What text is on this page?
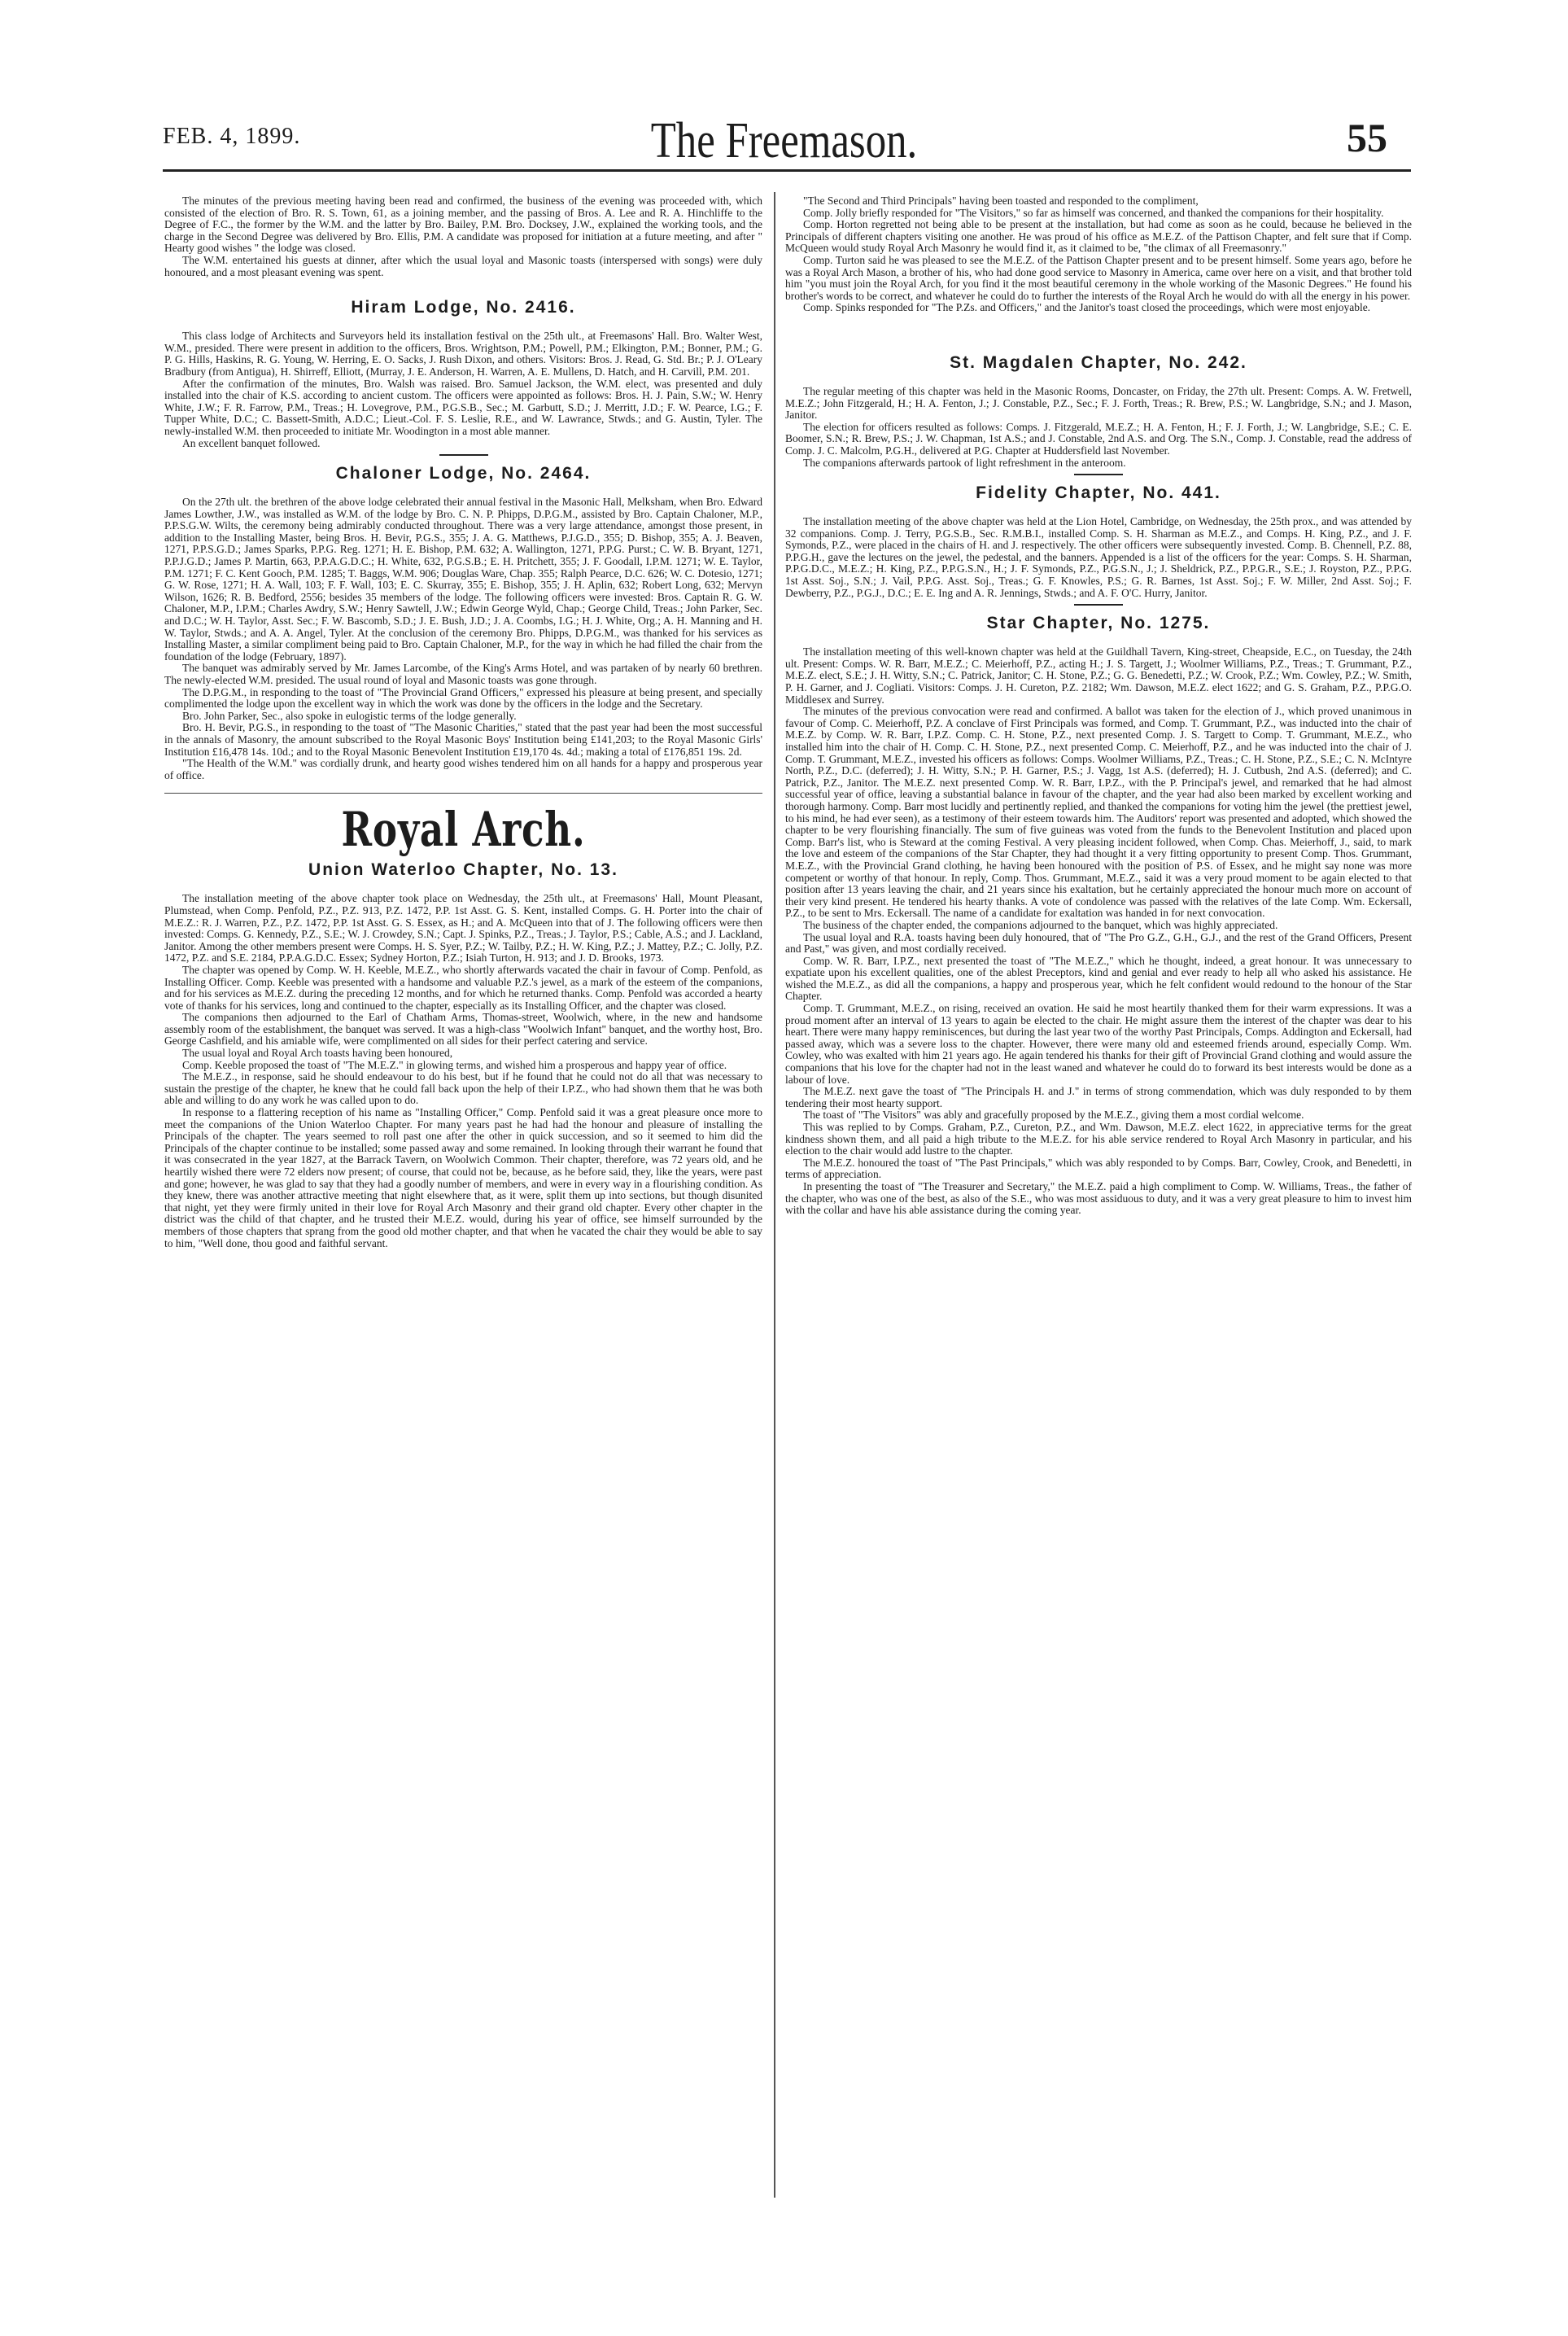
FEB. 4, 1899.	The Freemason.	55

The minutes of the previous meeting having been read and confirmed, the business of the evening was proceeded with, which consisted of the election of Bro. R. S. Town, 61, as a joining member, and the passing of Bros. A. Lee and R. A. Hinchliffe to the Degree of F.C., the former by the W.M. and the latter by Bro. Bailey, P.M. Bro. Docksey, J.W., explained the working tools, and the charge in the Second Degree was delivered by Bro. Ellis, P.M. A candidate was proposed for initiation at a future meeting, and after " Hearty good wishes " the lodge was closed.

The W.M. entertained his guests at dinner, after which the usual loyal and Masonic toasts (interspersed with songs) were duly honoured, and a most pleasant evening was spent.

Hiram Lodge, No. 2416.

This class lodge of Architects and Surveyors held its installation festival on the 25th ult., at Freemasons' Hall. Bro. Walter West, W.M., presided. There were present in addition to the officers, Bros. Wrightson, P.M.; Powell, P.M.; Elkington, P.M.; Bonner, P.M.; G. P. G. Hills, Haskins, R. G. Young, W. Herring, E. O. Sacks, J. Rush Dixon, and others. Visitors: Bros. J. Read, G. Std. Br.; P. J. O'Leary Bradbury (from Antigua), H. Shirreff, Elliott, (Murray, J. E. Anderson, H. Warren, A. E. Mullens, D. Hatch, and H. Carvill, P.M. 201.

After the confirmation of the minutes, Bro. Walsh was raised. Bro. Samuel Jackson, the W.M. elect, was presented and duly installed into the chair of K.S. according to ancient custom. The officers were appointed as follows: Bros. H. J. Pain, S.W.; W. Henry White, J.W.; F. R. Farrow, P.M., Treas.; H. Lovegrove, P.M., P.G.S.B., Sec.; M. Garbutt, S.D.; J. Merritt, J.D.; F. W. Pearce, I.G.; F. Tupper White, D.C.; C. Bassett-Smith, A.D.C.; Lieut.-Col. F. S. Leslie, R.E., and W. Lawrance, Stwds.; and G. Austin, Tyler. The newly-installed W.M. then proceeded to initiate Mr. Woodington in a most able manner.

An excellent banquet followed.

Chaloner Lodge, No. 2464.

On the 27th ult. the brethren of the above lodge celebrated their annual festival in the Masonic Hall, Melksham, when Bro. Edward James Lowther, J.W., was installed as W.M. of the lodge by Bro. C. N. P. Phipps, D.P.G.M., assisted by Bro. Captain Chaloner, M.P., P.P.S.G.W. Wilts, the ceremony being admirably conducted throughout. There was a very large attendance, amongst those present, in addition to the Installing Master, being Bros. H. Bevir, P.G.S., 355; J. A. G. Matthews, P.J.G.D., 355; D. Bishop, 355; A. J. Beaven, 1271, P.P.S.G.D.; James Sparks, P.P.G. Reg. 1271; H. E. Bishop, P.M. 632; A. Wallington, 1271, P.P.G. Purst.; C. W. B. Bryant, 1271, P.P.J.G.D.; James P. Martin, 663, P.P.A.G.D.C.; H. White, 632, P.G.S.B.; E. H. Pritchett, 355; J. F. Goodall, I.P.M. 1271; W. E. Taylor, P.M. 1271; F. C. Kent Gooch, P.M. 1285; T. Baggs, W.M. 906; Douglas Ware, Chap. 355; Ralph Pearce, D.C. 626; W. C. Dotesio, 1271; G. W. Rose, 1271; H. A. Wall, 103; F. F. Wall, 103; E. C. Skurray, 355; E. Bishop, 355; J. H. Aplin, 632; Robert Long, 632; Mervyn Wilson, 1626; R. B. Bedford, 2556; besides 35 members of the lodge. The following officers were invested: Bros. Captain R. G. W. Chaloner, M.P., I.P.M.; Charles Awdry, S.W.; Henry Sawtell, J.W.; Edwin George Wyld, Chap.; George Child, Treas.; John Parker, Sec. and D.C.; W. H. Taylor, Asst. Sec.; F. W. Bascomb, S.D.; J. E. Bush, J.D.; J. A. Coombs, I.G.; H. J. White, Org.; A. H. Manning and H. W. Taylor, Stwds.; and A. A. Angel, Tyler. At the conclusion of the ceremony Bro. Phipps, D.P.G.M., was thanked for his services as Installing Master, a similar compliment being paid to Bro. Captain Chaloner, M.P., for the way in which he had filled the chair from the foundation of the lodge (February, 1897).

The banquet was admirably served by Mr. James Larcombe, of the King's Arms Hotel, and was partaken of by nearly 60 brethren. The newly-elected W.M. presided. The usual round of loyal and Masonic toasts was gone through.

The D.P.G.M., in responding to the toast of "The Provincial Grand Officers," expressed his pleasure at being present, and specially complimented the lodge upon the excellent way in which the work was done by the officers in the lodge and the Secretary.

Bro. John Parker, Sec., also spoke in eulogistic terms of the lodge generally.

Bro. H. Bevir, P.G.S., in responding to the toast of "The Masonic Charities," stated that the past year had been the most successful in the annals of Masonry, the amount subscribed to the Royal Masonic Boys' Institution being £141,203; to the Royal Masonic Girls' Institution £16,478 14s. 10d.; and to the Royal Masonic Benevolent Institution £19,170 4s. 4d.; making a total of £176,851 19s. 2d.

"The Health of the W.M." was cordially drunk, and hearty good wishes tendered him on all hands for a happy and prosperous year of office.

Royal Arch.
Union Waterloo Chapter, No. 13.

The installation meeting of the above chapter took place on Wednesday, the 25th ult., at Freemasons' Hall, Mount Pleasant, Plumstead, when Comp. Penfold, P.Z., P.Z. 913, P.Z. 1472, P.P. 1st Asst. G. S. Kent, installed Comps. G. H. Porter into the chair of M.E.Z.: R. J. Warren, P.Z., P.Z. 1472, P.P. 1st Asst. G. S. Essex, as H.; and A. McQueen into that of J. The following officers were then invested: Comps. G. Kennedy, P.Z., S.E.; W. J. Crowdey, S.N.; Capt. J. Spinks, P.Z., Treas.; J. Taylor, P.S.; Cable, A.S.; and J. Lackland, Janitor. Among the other members present were Comps. H. S. Syer, P.Z.; W. Tailby, P.Z.; H. W. King, P.Z.; J. Mattey, P.Z.; C. Jolly, P.Z. 1472, P.Z. and S.E. 2184, P.P.A.G.D.C. Essex; Sydney Horton, P.Z.; Isiah Turton, H. 913; and J. D. Brooks, 1973.

The chapter was opened by Comp. W. H. Keeble, M.E.Z., who shortly afterwards vacated the chair in favour of Comp. Penfold, as Installing Officer. Comp. Keeble was presented with a handsome and valuable P.Z.'s jewel, as a mark of the esteem of the companions, and for his services as M.E.Z. during the preceding 12 months, and for which he returned thanks. Comp. Penfold was accorded a hearty vote of thanks for his services, long and continued to the chapter, especially as its Installing Officer, and the chapter was closed.

The companions then adjourned to the Earl of Chatham Arms, Thomas-street, Woolwich, where, in the new and handsome assembly room of the establishment, the banquet was served. It was a high-class "Woolwich Infant" banquet, and the worthy host, Bro. George Cashfield, and his amiable wife, were complimented on all sides for their perfect catering and service.

The usual loyal and Royal Arch toasts having been honoured,

Comp. Keeble proposed the toast of "The M.E.Z." in glowing terms, and wished him a prosperous and happy year of office.

The M.E.Z., in response, said he should endeavour to do his best, but if he found that he could not do all that was necessary to sustain the prestige of the chapter, he knew that he could fall back upon the help of their I.P.Z., who had shown them that he was both able and willing to do any work he was called upon to do.

In response to a flattering reception of his name as "Installing Officer," Comp. Penfold said it was a great pleasure once more to meet the companions of the Union Waterloo Chapter. For many years past he had had the honour and pleasure of installing the Principals of the chapter. The years seemed to roll past one after the other in quick succession, and so it seemed to him did the Principals of the chapter continue to be installed; some passed away and some remained. In looking through their warrant he found that it was consecrated in the year 1827, at the Barrack Tavern, on Woolwich Common. Their chapter, therefore, was 72 years old, and he heartily wished there were 72 elders now present; of course, that could not be, because, as he before said, they, like the years, were past and gone; however, he was glad to say that they had a goodly number of members, and were in every way in a flourishing condition. As they knew, there was another attractive meeting that night elsewhere that, as it were, split them up into sections, but though disunited that night, yet they were firmly united in their love for Royal Arch Masonry and their grand old chapter. Every other chapter in the district was the child of that chapter, and he trusted their M.E.Z. would, during his year of office, see himself surrounded by the members of those chapters that sprang from the good old mother chapter, and that when he vacated the chair they would be able to say to him, "Well done, thou good and faithful servant.

"The Second and Third Principals" having been toasted and responded to the compliment,

Comp. Jolly briefly responded for "The Visitors," so far as himself was concerned, and thanked the companions for their hospitality.

Comp. Horton regretted not being able to be present at the installation, but had come as soon as he could, because he believed in the Principals of different chapters visiting one another. He was proud of his office as M.E.Z. of the Pattison Chapter, and felt sure that if Comp. McQueen would study Royal Arch Masonry he would find it, as it claimed to be, "the climax of all Freemasonry."

Comp. Turton said he was pleased to see the M.E.Z. of the Pattison Chapter present and to be present himself. Some years ago, before he was a Royal Arch Mason, a brother of his, who had done good service to Masonry in America, came over here on a visit, and that brother told him "you must join the Royal Arch, for you find it the most beautiful ceremony in the whole working of the Masonic Degrees." He found his brother's words to be correct, and whatever he could do to further the interests of the Royal Arch he would do with all the energy in his power.

Comp. Spinks responded for "The P.Zs. and Officers," and the Janitor's toast closed the proceedings, which were most enjoyable.

St. Magdalen Chapter, No. 242.

The regular meeting of this chapter was held in the Masonic Rooms, Doncaster, on Friday, the 27th ult. Present: Comps. A. W. Fretwell, M.E.Z.; John Fitzgerald, H.; H. A. Fenton, J.; J. Constable, P.Z., Sec.; F. J. Forth, Treas.; R. Brew, P.S.; W. Langbridge, S.N.; and J. Mason, Janitor.

The election for officers resulted as follows: Comps. J. Fitzgerald, M.E.Z.; H. A. Fenton, H.; F. J. Forth, J.; W. Langbridge, S.E.; C. E. Boomer, S.N.; R. Brew, P.S.; J. W. Chapman, 1st A.S.; and J. Constable, 2nd A.S. and Org. The S.N., Comp. J. Constable, read the address of Comp. J. C. Malcolm, P.G.H., delivered at P.G. Chapter at Huddersfield last November.

The companions afterwards partook of light refreshment in the anteroom.

Fidelity Chapter, No. 441.

The installation meeting of the above chapter was held at the Lion Hotel, Cambridge, on Wednesday, the 25th prox., and was attended by 32 companions. Comp. J. Terry, P.G.S.B., Sec. R.M.B.I., installed Comp. S. H. Sharman as M.E.Z., and Comps. H. King, P.Z., and J. F. Symonds, P.Z., were placed in the chairs of H. and J. respectively. The other officers were subsequently invested. Comp. B. Chennell, P.Z. 88, P.P.G.H., gave the lectures on the jewel, the pedestal, and the banners. Appended is a list of the officers for the year: Comps. S. H. Sharman, P.P.G.D.C., M.E.Z.; H. King, P.Z., P.P.G.S.N., H.; J. F. Symonds, P.Z., P.G.S.N., J.; J. Sheldrick, P.Z., P.P.G.R., S.E.; J. Royston, P.Z., P.P.G. 1st Asst. Soj., S.N.; J. Vail, P.P.G. Asst. Soj., Treas.; G. F. Knowles, P.S.; G. R. Barnes, 1st Asst. Soj.; F. W. Miller, 2nd Asst. Soj.; F. Dewberry, P.Z., P.G.J., D.C.; E. E. Ing and A. R. Jennings, Stwds.; and A. F. O'C. Hurry, Janitor.

Star Chapter, No. 1275.

The installation meeting of this well-known chapter was held at the Guildhall Tavern, King-street, Cheapside, E.C., on Tuesday, the 24th ult. Present: Comps. W. R. Barr, M.E.Z.; C. Meierhoff, P.Z., acting H.; J. S. Targett, J.; Woolmer Williams, P.Z., Treas.; T. Grummant, P.Z., M.E.Z. elect, S.E.; J. H. Witty, S.N.; C. Patrick, Janitor; C. H. Stone, P.Z.; G. G. Benedetti, P.Z.; W. Crook, P.Z.; Wm. Cowley, P.Z.; W. Smith, P. H. Garner, and J. Cogliati. Visitors: Comps. J. H. Cureton, P.Z. 2182; Wm. Dawson, M.E.Z. elect 1622; and G. S. Graham, P.Z., P.P.G.O. Middlesex and Surrey.

The minutes of the previous convocation were read and confirmed. A ballot was taken for the election of J., which proved unanimous in favour of Comp. C. Meierhoff, P.Z. A conclave of First Principals was formed, and Comp. T. Grummant, P.Z., was inducted into the chair of M.E.Z. by Comp. W. R. Barr, I.P.Z. Comp. C. H. Stone, P.Z., next presented Comp. J. S. Targett to Comp. T. Grummant, M.E.Z., who installed him into the chair of H. Comp. C. H. Stone, P.Z., next presented Comp. C. Meierhoff, P.Z., and he was inducted into the chair of J. Comp. T. Grummant, M.E.Z., invested his officers as follows: Comps. Woolmer Williams, P.Z., Treas.; C. H. Stone, P.Z., S.E.; C. N. McIntyre North, P.Z., D.C. (deferred); J. H. Witty, S.N.; P. H. Garner, P.S.; J. Vagg, 1st A.S. (deferred); H. J. Cutbush, 2nd A.S. (deferred); and C. Patrick, P.Z., Janitor. The M.E.Z. next presented Comp. W. R. Barr, I.P.Z., with the P. Principal's jewel, and remarked that he had almost successful year of office, leaving a substantial balance in favour of the chapter, and the year had also been marked by excellent working and thorough harmony. Comp. Barr most lucidly and pertinently replied, and thanked the companions for voting him the jewel (the prettiest jewel, to his mind, he had ever seen), as a testimony of their esteem towards him. The Auditors' report was presented and adopted, which showed the chapter to be very flourishing financially. The sum of five guineas was voted from the funds to the Benevolent Institution and placed upon Comp. Barr's list, who is Steward at the coming Festival. A very pleasing incident followed, when Comp. Chas. Meierhoff, J., said, to mark the love and esteem of the companions of the Star Chapter, they had thought it a very fitting opportunity to present Comp. Thos. Grummant, M.E.Z., with the Provincial Grand clothing, he having been honoured with the position of P.S. of Essex, and he might say none was more competent or worthy of that honour. In reply, Comp. Thos. Grummant, M.E.Z., said it was a very proud moment to be again elected to that position after 13 years leaving the chair, and 21 years since his exaltation, but he certainly appreciated the honour much more on account of their very kind present. He tendered his hearty thanks. A vote of condolence was passed with the relatives of the late Comp. Wm. Eckersall, P.Z., to be sent to Mrs. Eckersall. The name of a candidate for exaltation was handed in for next convocation.

The business of the chapter ended, the companions adjourned to the banquet, which was highly appreciated.

The usual loyal and R.A. toasts having been duly honoured, that of "The Pro G.Z., G.H., G.J., and the rest of the Grand Officers, Present and Past," was given, and most cordially received.

Comp. W. R. Barr, I.P.Z., next presented the toast of "The M.E.Z.," which he thought, indeed, a great honour. It was unnecessary to expatiate upon his excellent qualities, one of the ablest Preceptors, kind and genial and ever ready to help all who asked his assistance. He wished the M.E.Z., as did all the companions, a happy and prosperous year, which he felt confident would redound to the honour of the Star Chapter.

Comp. T. Grummant, M.E.Z., on rising, received an ovation. He said he most heartily thanked them for their warm expressions. It was a proud moment after an interval of 13 years to again be elected to the chair. He might assure them the interest of the chapter was dear to his heart. There were many happy reminiscences, but during the last year two of the worthy Past Principals, Comps. Addington and Eckersall, had passed away, which was a severe loss to the chapter. However, there were many old and esteemed friends around, especially Comp. Wm. Cowley, who was exalted with him 21 years ago. He again tendered his thanks for their gift of Provincial Grand clothing and would assure the companions that his love for the chapter had not in the least waned and whatever he could do to forward its best interests would be done as a labour of love.

The M.E.Z. next gave the toast of "The Principals H. and J." in terms of strong commendation, which was duly responded to by them tendering their most hearty support.

The toast of "The Visitors" was ably and gracefully proposed by the M.E.Z., giving them a most cordial welcome.

This was replied to by Comps. Graham, P.Z., Cureton, P.Z., and Wm. Dawson, M.E.Z. elect 1622, in appreciative terms for the great kindness shown them, and all paid a high tribute to the M.E.Z. for his able service rendered to Royal Arch Masonry in particular, and his election to the chair would add lustre to the chapter.

The M.E.Z. honoured the toast of "The Past Principals," which was ably responded to by Comps. Barr, Cowley, Crook, and Benedetti, in terms of appreciation.

In presenting the toast of "The Treasurer and Secretary," the M.E.Z. paid a high compliment to Comp. W. Williams, Treas., the father of the chapter, who was one of the best, as also of the S.E., who was most assiduous to duty, and it was a very great pleasure to him to invest him with the collar and have his able assistance during the coming year.
